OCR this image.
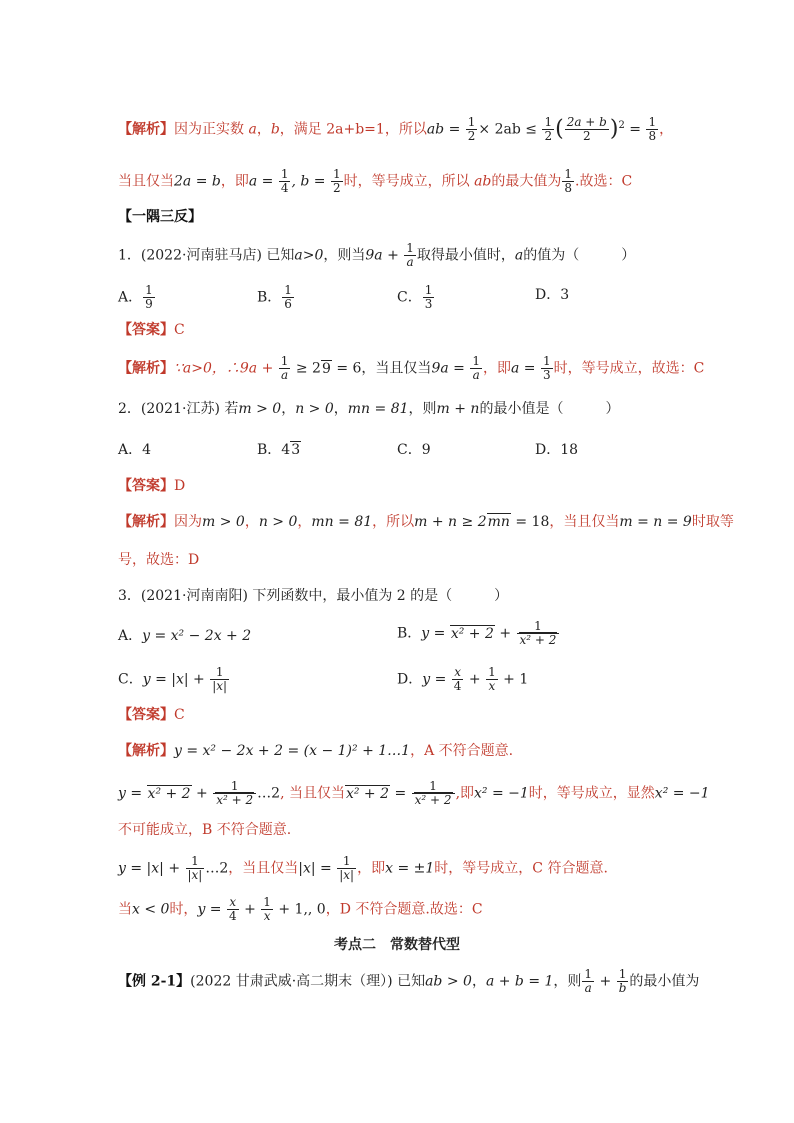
【解析】因为正实数 a，b，满足 2a+b=1，所以ab = $\frac{1}{2} \times 2ab \le \frac{1}{2}$ ( $\frac{2a + b}{2} )^2 = \frac{1}{8}$ ，
当且仅当2a = b，即$a = \frac{1}{4}$ , $b = \frac{1}{2}$ 时，等号成立，所以 ab的最大值为 $\frac{1}{8}$ .故选：C
【一隅三反】
1．(2022·河南驻马店) 已知a>0，则当$9a + \frac{1}{a}$ 取得最小值时，a的值为（　　　）
A． $\frac{1}{9}$	B． $\frac{1}{6}$	C． $\frac{1}{3}$	D．3
【答案】C
【解析】∵a>0，∴9a + $\frac{1}{a} \ge 29 = 6$，当且仅当$9a = \frac{1}{a}$ ，即$a = \frac{1}{3}$ 时，等号成立，故选：C
2．(2021·江苏) 若m > 0，n > 0，mn = 81，则m + n的最小值是（　　　）
A．4	B．43	C．9	D．18
【答案】D
【解析】因为m > 0，n > 0，mn = 81，所以m + n ≥ 2mn = 18，当且仅当m = n = 9时取等
号，故选：D
3．(2021·河南南阳) 下列函数中，最小值为 2 的是（　　　）
A．y = x² − 2x + 2	B．$y = x^2 + 2 + \frac{1}{\text{x² + 2}}$
C．$y = |x| + \frac{1}{|x|}$	D．$y = \frac{x}{4} + \frac{1}{x} + 1$
【答案】C
【解析】y = x² − 2x + 2 = (x − 1)² + 1…1，A 不符合题意.
$y = x^2 + 2 + \frac{1}{\text{x² + 2}}$ …2, 当且仅当$x^2 + 2 = \frac{1}{\text{x² + 2}}$ ,即x² = −1时，等号成立，显然x² = −1
不可能成立，B 不符合题意.
$y = |x| + \frac{1}{|x|}$ …2，当且仅当$|x| = \frac{1}{|x|}$ ，即x = ±1时，等号成立，C 符合题意.
当x < 0时，$y = \frac{x}{4} + \frac{1}{x} + 1$,, 0，D 不符合题意.故选：C
考点二　常数替代型
【例 2-1】(2022 甘肃武威·高二期末（理）) 已知ab > 0，a + b = 1，则 $\frac{1}{a} + \frac{1}{b}$ 的最小值为
